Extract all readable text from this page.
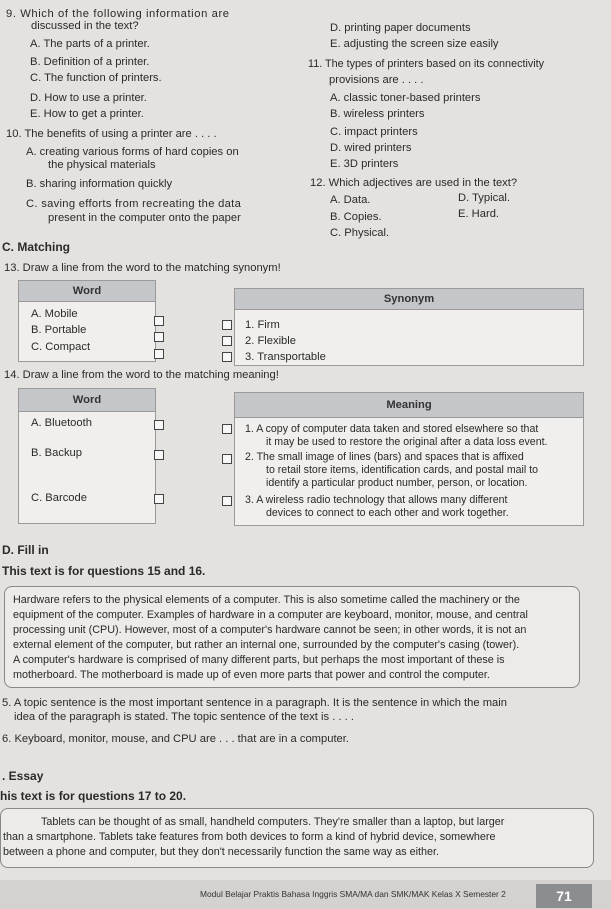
9. Which of the following information are
discussed in the text?
A. The parts of a printer.
B. Definition of a printer.
C. The function of printers.
D. How to use a printer.
E. How to get a printer.
D. printing paper documents
E. adjusting the screen size easily
10. The benefits of using a printer are . . . .
A. creating various forms of hard copies on
the physical materials
B. sharing information quickly
C. saving efforts from recreating the data
present in the computer onto the paper
11. The types of printers based on its connectivity
provisions are . . . .
A. classic toner-based printers
B. wireless printers
C. impact printers
D. wired printers
E. 3D printers
12. Which adjectives are used in the text?
A. Data.
B. Copies.
C. Physical.
D. Typical.
E. Hard.
C. Matching
13. Draw a line from the word to the matching synonym!
Word
A. Mobile
B. Portable
C. Compact
Synonym
1. Firm
2. Flexible
3. Transportable
14. Draw a line from the word to the matching meaning!
Word
A. Bluetooth
B. Backup
C. Barcode
Meaning
1. A copy of computer data taken and stored elsewhere so that
it may be used to restore the original after a data loss event.
2. The small image of lines (bars) and spaces that is affixed
to retail store items, identification cards, and postal mail to
identify a particular product number, person, or location.
3. A wireless radio technology that allows many different
devices to connect to each other and work together.
D. Fill in
This text is for questions 15 and 16.
Hardware refers to the physical elements of a computer. This is also sometime called the machinery or the
equipment of the computer. Examples of hardware in a computer are keyboard, monitor, mouse, and central
processing unit (CPU). However, most of a computer's hardware cannot be seen; in other words, it is not an
external element of the computer, but rather an internal one, surrounded by the computer's casing (tower).
A computer's hardware is comprised of many different parts, but perhaps the most important of these is
motherboard. The motherboard is made up of even more parts that power and control the computer.
5. A topic sentence is the most important sentence in a paragraph. It is the sentence in which the main
idea of the paragraph is stated. The topic sentence of the text is . . . .
6. Keyboard, monitor, mouse, and CPU are . . . that are in a computer.
. Essay
his text is for questions 17 to 20.
Tablets can be thought of as small, handheld computers. They're smaller than a laptop, but larger
than a smartphone. Tablets take features from both devices to form a kind of hybrid device, somewhere
between a phone and computer, but they don't necessarily function the same way as either.
Modul Belajar Praktis Bahasa Inggris SMA/MA dan SMK/MAK Kelas X Semester 2	71
